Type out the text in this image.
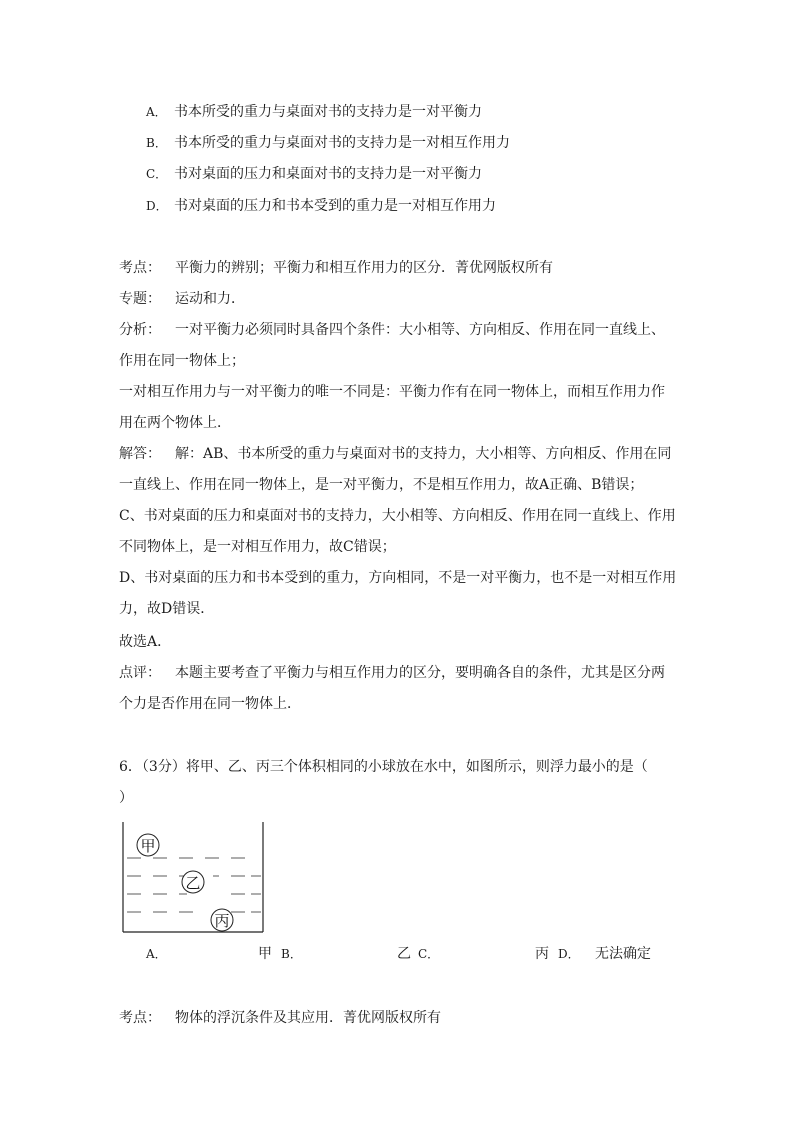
A． 书本所受的重力与桌面对书的支持力是一对平衡力
B． 书本所受的重力与桌面对书的支持力是一对相互作用力
C． 书对桌面的压力和桌面对书的支持力是一对平衡力
D． 书对桌面的压力和书本受到的重力是一对相互作用力
考点： 平衡力的辨别；平衡力和相互作用力的区分．菁优网版权所有
专题： 运动和力．
分析： 一对平衡力必须同时具备四个条件：大小相等、方向相反、作用在同一直线上、
作用在同一物体上；
一对相互作用力与一对平衡力的唯一不同是：平衡力作有在同一物体上，而相互作用力作
用在两个物体上．
解答： 解：AB、书本所受的重力与桌面对书的支持力，大小相等、方向相反、作用在同
一直线上、作用在同一物体上，是一对平衡力，不是相互作用力，故A正确、B错误；
C、书对桌面的压力和桌面对书的支持力，大小相等、方向相反、作用在同一直线上、作用
不同物体上，是一对相互作用力，故C错误；
D、书对桌面的压力和书本受到的重力，方向相同，不是一对平衡力，也不是一对相互作用
力，故D错误．
故选A．
点评： 本题主要考查了平衡力与相互作用力的区分，要明确各自的条件，尤其是区分两
个力是否作用在同一物体上．
6．（3分）将甲、乙、丙三个体积相同的小球放在水中，如图所示，则浮力最小的是（
）
甲
乙
丙
A．	甲 B．	乙 C．	丙 D． 无法确定
考点： 物体的浮沉条件及其应用．菁优网版权所有
